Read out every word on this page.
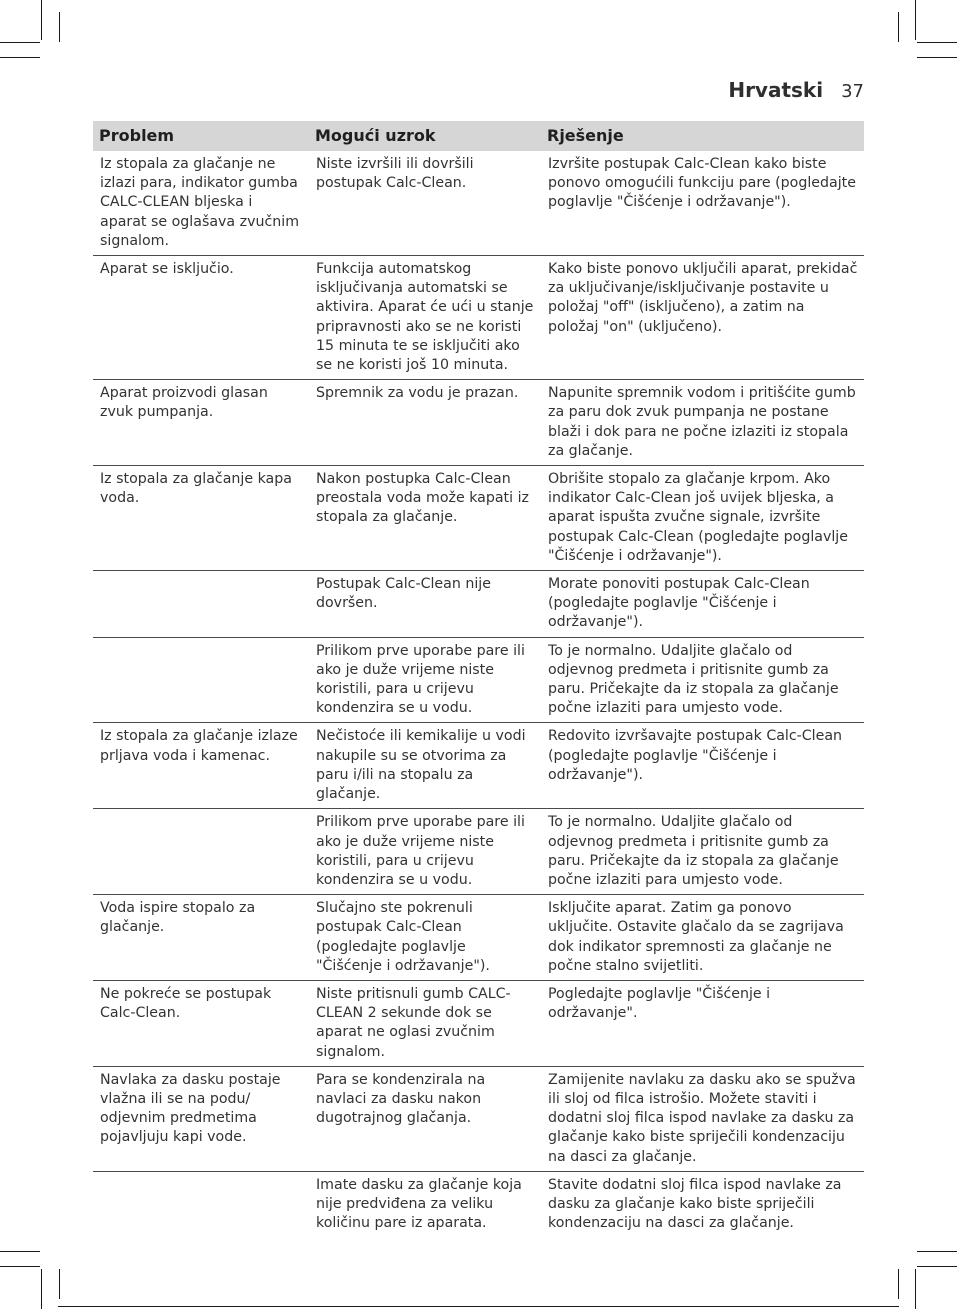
Hrvatski 37
Problem	Mogući uzrok	Rješenje
Iz stopala za glačanje ne izlazi para, indikator gumba CALC-CLEAN bljeska i aparat se oglašava zvučnim signalom.	Niste izvršili ili dovršili postupak Calc-Clean.	Izvršite postupak Calc-Clean kako biste ponovo omogućili funkciju pare (pogledajte poglavlje "Čišćenje i održavanje").
Aparat se isključio.	Funkcija automatskog isključivanja automatski se aktivira. Aparat će ući u stanje pripravnosti ako se ne koristi 15 minuta te se isključiti ako se ne koristi još 10 minuta.	Kako biste ponovo uključili aparat, prekidač za uključivanje/isključivanje postavite u položaj "off" (isključeno), a zatim na položaj "on" (uključeno).
Aparat proizvodi glasan zvuk pumpanja.	Spremnik za vodu je prazan.	Napunite spremnik vodom i pritišćite gumb za paru dok zvuk pumpanja ne postane blaži i dok para ne počne izlaziti iz stopala za glačanje.
Iz stopala za glačanje kapa voda.	Nakon postupka Calc-Clean preostala voda može kapati iz stopala za glačanje.	Obrišite stopalo za glačanje krpom. Ako indikator Calc-Clean još uvijek bljeska, a aparat ispušta zvučne signale, izvršite postupak Calc-Clean (pogledajte poglavlje "Čišćenje i održavanje").
	Postupak Calc-Clean nije dovršen.	Morate ponoviti postupak Calc-Clean (pogledajte poglavlje "Čišćenje i održavanje").
	Prilikom prve uporabe pare ili ako je duže vrijeme niste koristili, para u crijevu kondenzira se u vodu.	To je normalno. Udaljite glačalo od odjevnog predmeta i pritisnite gumb za paru. Pričekajte da iz stopala za glačanje počne izlaziti para umjesto vode.
Iz stopala za glačanje izlaze prljava voda i kamenac.	Nečistoće ili kemikalije u vodi nakupile su se otvorima za paru i/ili na stopalu za glačanje.	Redovito izvršavajte postupak Calc-Clean (pogledajte poglavlje "Čišćenje i održavanje").
	Prilikom prve uporabe pare ili ako je duže vrijeme niste koristili, para u crijevu kondenzira se u vodu.	To je normalno. Udaljite glačalo od odjevnog predmeta i pritisnite gumb za paru. Pričekajte da iz stopala za glačanje počne izlaziti para umjesto vode.
Voda ispire stopalo za glačanje.	Slučajno ste pokrenuli postupak Calc-Clean (pogledajte poglavlje "Čišćenje i održavanje").	Isključite aparat. Zatim ga ponovo uključite. Ostavite glačalo da se zagrijava dok indikator spremnosti za glačanje ne počne stalno svijetliti.
Ne pokreće se postupak Calc-Clean.	Niste pritisnuli gumb CALC-CLEAN 2 sekunde dok se aparat ne oglasi zvučnim signalom.	Pogledajte poglavlje "Čišćenje i održavanje".
Navlaka za dasku postaje vlažna ili se na podu/ odjevnim predmetima pojavljuju kapi vode.	Para se kondenzirala na navlaci za dasku nakon dugotrajnog glačanja.	Zamijenite navlaku za dasku ako se spužva ili sloj od filca istrošio. Možete staviti i dodatni sloj filca ispod navlake za dasku za glačanje kako biste spriječili kondenzaciju na dasci za glačanje.
	Imate dasku za glačanje koja nije predviđena za veliku količinu pare iz aparata.	Stavite dodatni sloj filca ispod navlake za dasku za glačanje kako biste spriječili kondenzaciju na dasci za glačanje.
